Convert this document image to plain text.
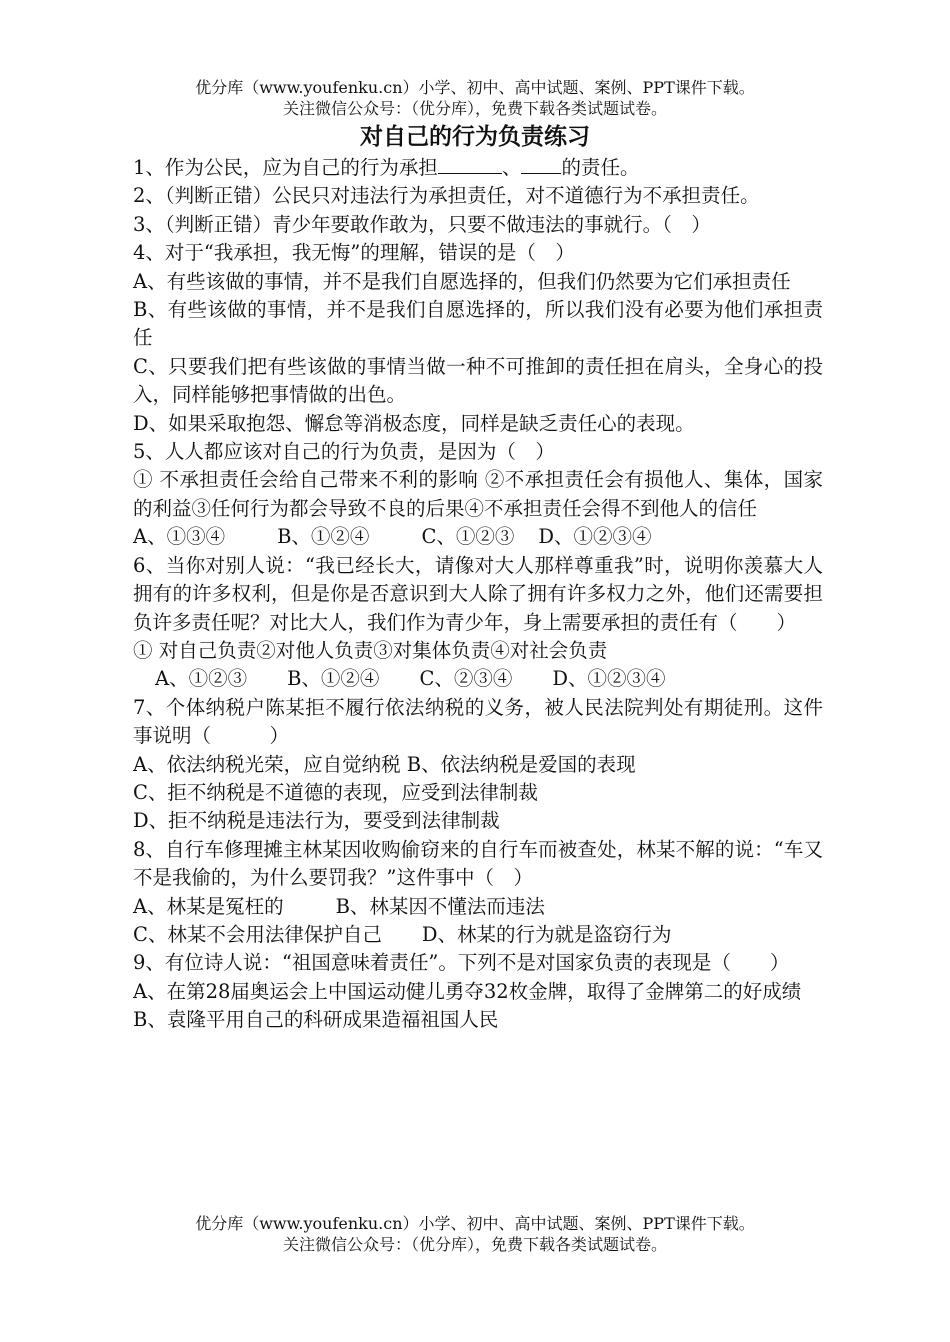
优分库（www.youfenku.cn）小学、初中、高中试题、案例、PPT课件下载。
关注微信公众号：（优分库），免费下载各类试题试卷。
对自己的行为负责练习

1、作为公民，应为自己的行为承担	、 的责任。

2、（判断正错）公民只对违法行为承担责任，对不道德行为不承担责任。

3、（判断正错）青少年要敢作敢为，只要不做违法的事就行。（　）

4、对于“我承担，我无悔”的理解，错误的是（　）

A、有些该做的事情，并不是我们自愿选择的，但我们仍然要为它们承担责任

B、有些该做的事情，并不是我们自愿选择的，所以我们没有必要为他们承担责任

C、只要我们把有些该做的事情当做一种不可推卸的责任担在肩头，全身心的投入，同样能够把事情做的出色。

D、如果采取抱怨、懈怠等消极态度，同样是缺乏责任心的表现。

5、人人都应该对自己的行为负责，是因为（　）

① 不承担责任会给自己带来不利的影响 ②不承担责任会有损他人、集体，国家的利益③任何行为都会导致不良的后果④不承担责任会得不到他人的信任

A、①③④	B、①②④	C、①②③ D、①②③④

6、当你对别人说：“我已经长大，请像对大人那样尊重我”时，说明你羡慕大人拥有的许多权利，但是你是否意识到大人除了拥有许多权力之外，他们还需要担负许多责任呢？对比大人，我们作为青少年，身上需要承担的责任有（　　）

① 对自己负责②对他人负责③对集体负责④对社会负责

A、①②③ B、①②④ C、②③④ D、①②③④

7、个体纳税户陈某拒不履行依法纳税的义务，被人民法院判处有期徒刑。这件事说明（　　　）

A、依法纳税光荣，应自觉纳税 B、依法纳税是爱国的表现

C、拒不纳税是不道德的表现，应受到法律制裁

D、拒不纳税是违法行为，要受到法律制裁

8、自行车修理摊主林某因收购偷窃来的自行车而被查处，林某不解的说：“车又不是我偷的，为什么要罚我？”这件事中（　）

A、林某是冤枉的	B、林某因不懂法而违法

C、林某不会用法律保护自己 D、林某的行为就是盗窃行为

9、有位诗人说：“祖国意味着责任”。下列不是对国家负责的表现是（　　）

A、在第28届奥运会上中国运动健儿勇夺32枚金牌，取得了金牌第二的好成绩

B、袁隆平用自己的科研成果造福祖国人民

优分库（www.youfenku.cn）小学、初中、高中试题、案例、PPT课件下载。
关注微信公众号：（优分库），免费下载各类试题试卷。
